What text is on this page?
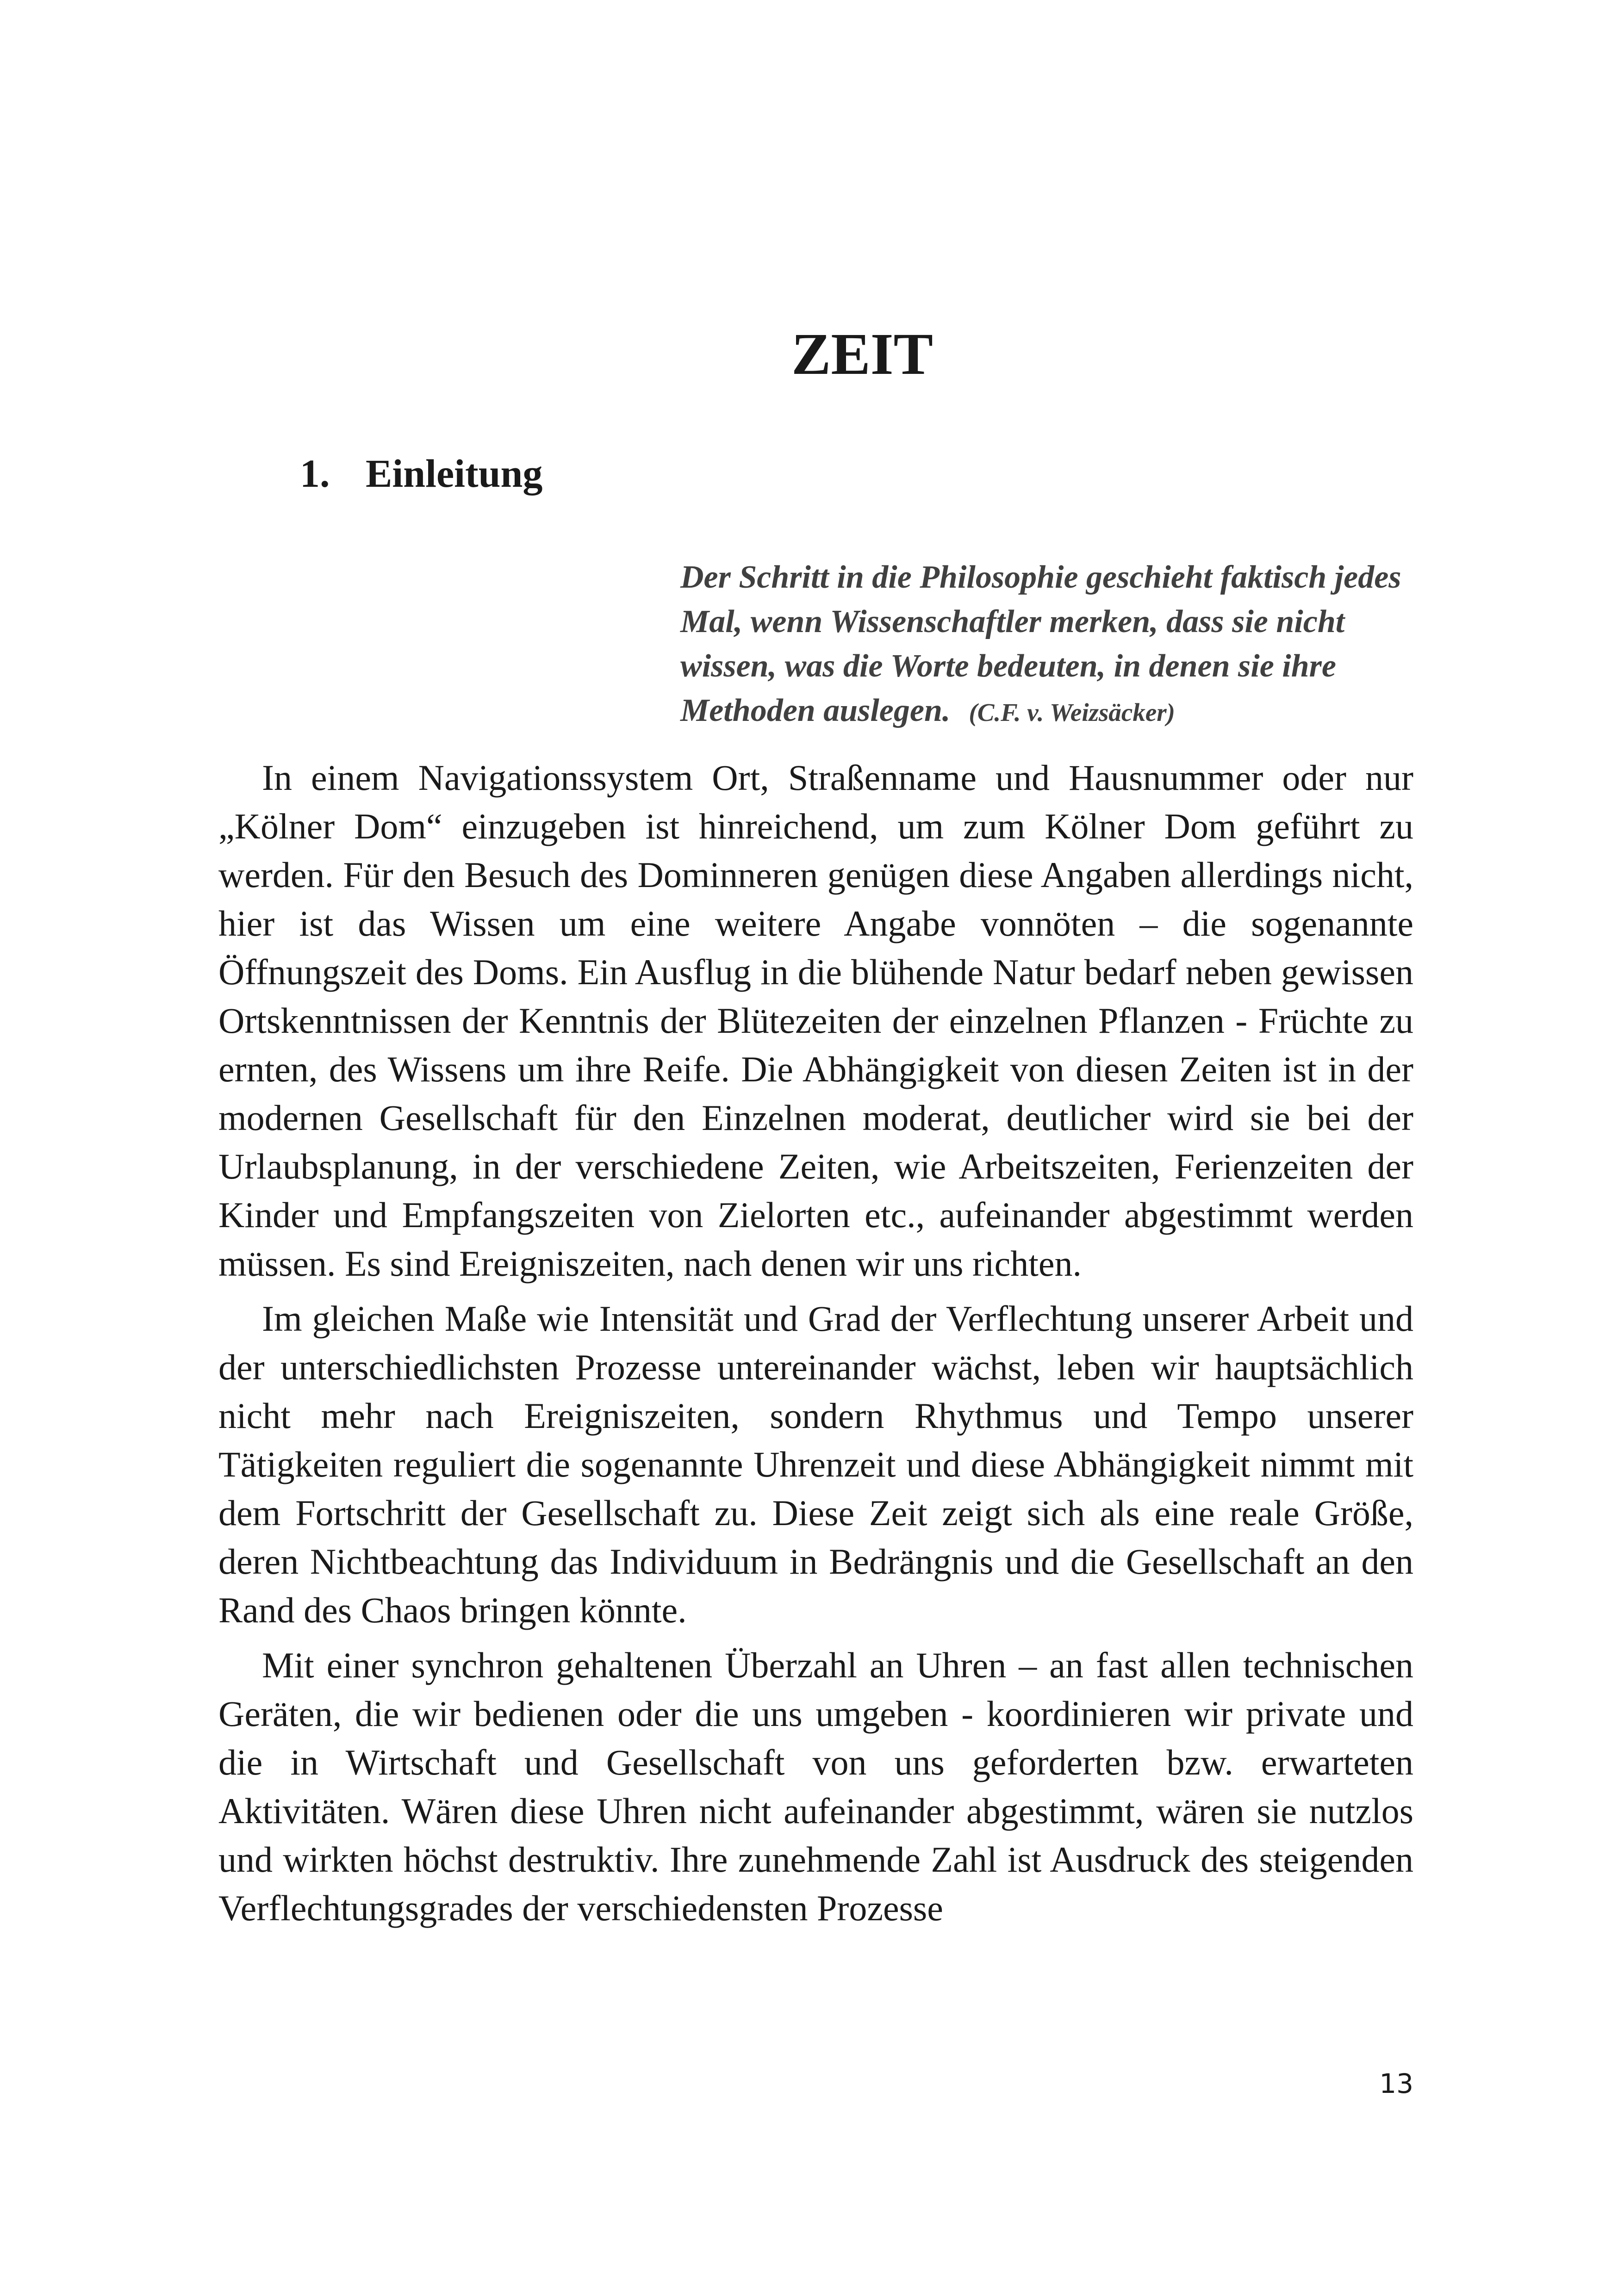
ZEIT
1. Einleitung

Der Schritt in die Philosophie geschieht faktisch jedes Mal, wenn Wissenschaftler merken, dass sie nicht wissen, was die Worte bedeuten, in denen sie ihre Methoden auslegen. (C.F. v. Weizsäcker)

In einem Navigationssystem Ort, Straßenname und Hausnummer oder nur „Kölner Dom“ einzugeben ist hinreichend, um zum Kölner Dom geführt zu werden. Für den Besuch des Dominneren genügen diese Angaben allerdings nicht, hier ist das Wissen um eine weitere Angabe vonnöten – die sogenannte Öffnungszeit des Doms. Ein Ausflug in die blühende Natur bedarf neben gewissen Ortskenntnissen der Kenntnis der Blütezeiten der einzelnen Pflanzen - Früchte zu ernten, des Wissens um ihre Reife. Die Abhängigkeit von diesen Zeiten ist in der modernen Gesellschaft für den Einzelnen moderat, deutlicher wird sie bei der Urlaubsplanung, in der verschiedene Zeiten, wie Arbeitszeiten, Ferienzeiten der Kinder und Empfangszeiten von Zielorten etc., aufeinander abgestimmt werden müssen. Es sind Ereigniszeiten, nach denen wir uns richten.

Im gleichen Maße wie Intensität und Grad der Verflechtung unserer Arbeit und der unterschiedlichsten Prozesse untereinander wächst, leben wir hauptsächlich nicht mehr nach Ereigniszeiten, sondern Rhythmus und Tempo unserer Tätigkeiten reguliert die sogenannte Uhrenzeit und diese Abhängigkeit nimmt mit dem Fortschritt der Gesellschaft zu. Diese Zeit zeigt sich als eine reale Größe, deren Nichtbeachtung das Individuum in Bedrängnis und die Gesellschaft an den Rand des Chaos bringen könnte.

Mit einer synchron gehaltenen Überzahl an Uhren – an fast allen technischen Geräten, die wir bedienen oder die uns umgeben - koordinieren wir private und die in Wirtschaft und Gesellschaft von uns geforderten bzw. erwarteten Aktivitäten. Wären diese Uhren nicht aufeinander abgestimmt, wären sie nutzlos und wirkten höchst destruktiv. Ihre zunehmende Zahl ist Ausdruck des steigenden Verflechtungsgrades der verschiedensten Prozesse

13
